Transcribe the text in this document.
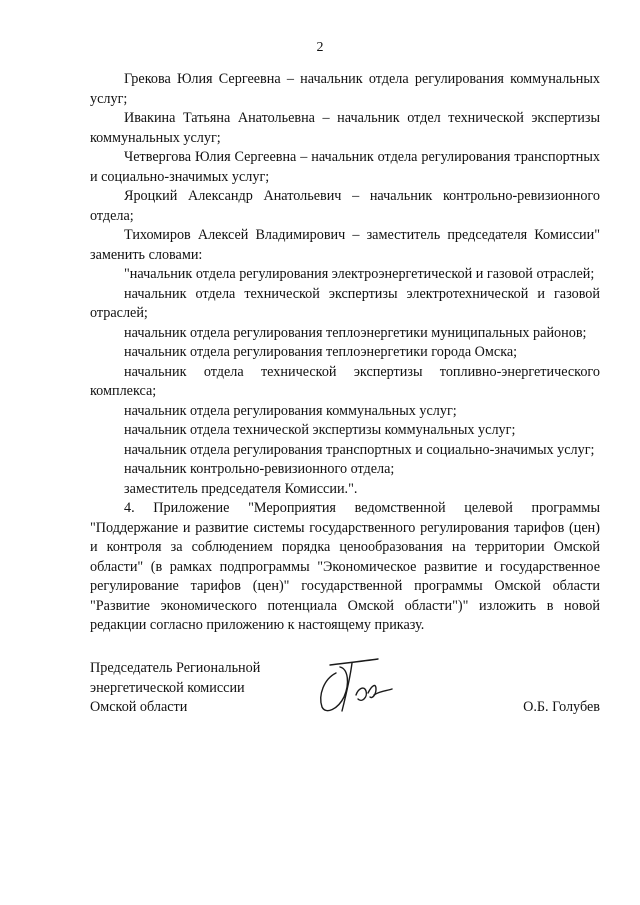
2

Грекова Юлия Сергеевна – начальник отдела регулирования коммунальных услуг;

Ивакина Татьяна Анатольевна – начальник отдел технической экспертизы коммунальных услуг;

Четвергова Юлия Сергеевна – начальник отдела регулирования транспортных и социально-значимых услуг;

Яроцкий Александр Анатольевич – начальник контрольно-ревизионного отдела;

Тихомиров Алексей Владимирович – заместитель председателя Комиссии" заменить словами:

"начальник отдела регулирования электроэнергетической и газовой отраслей;

начальник отдела технической экспертизы электротехнической и газовой отраслей;

начальник отдела регулирования теплоэнергетики муниципальных районов;

начальник отдела регулирования теплоэнергетики города Омска;

начальник отдела технической экспертизы топливно-энергетического комплекса;

начальник отдела регулирования коммунальных услуг;

начальник отдела технической экспертизы коммунальных услуг;

начальник отдела регулирования транспортных и социально-значимых услуг;

начальник контрольно-ревизионного отдела;

заместитель председателя Комиссии.".

4. Приложение "Мероприятия ведомственной целевой программы "Поддержание и развитие системы государственного регулирования тарифов (цен) и контроля за соблюдением порядка ценообразования на территории Омской области" (в рамках подпрограммы "Экономическое развитие и государственное регулирование тарифов (цен)" государственной программы Омской области "Развитие экономического потенциала Омской области")" изложить в новой редакции согласно приложению к настоящему приказу.

Председатель Региональной
энергетической комиссии
Омской области	О.Б. Голубев
